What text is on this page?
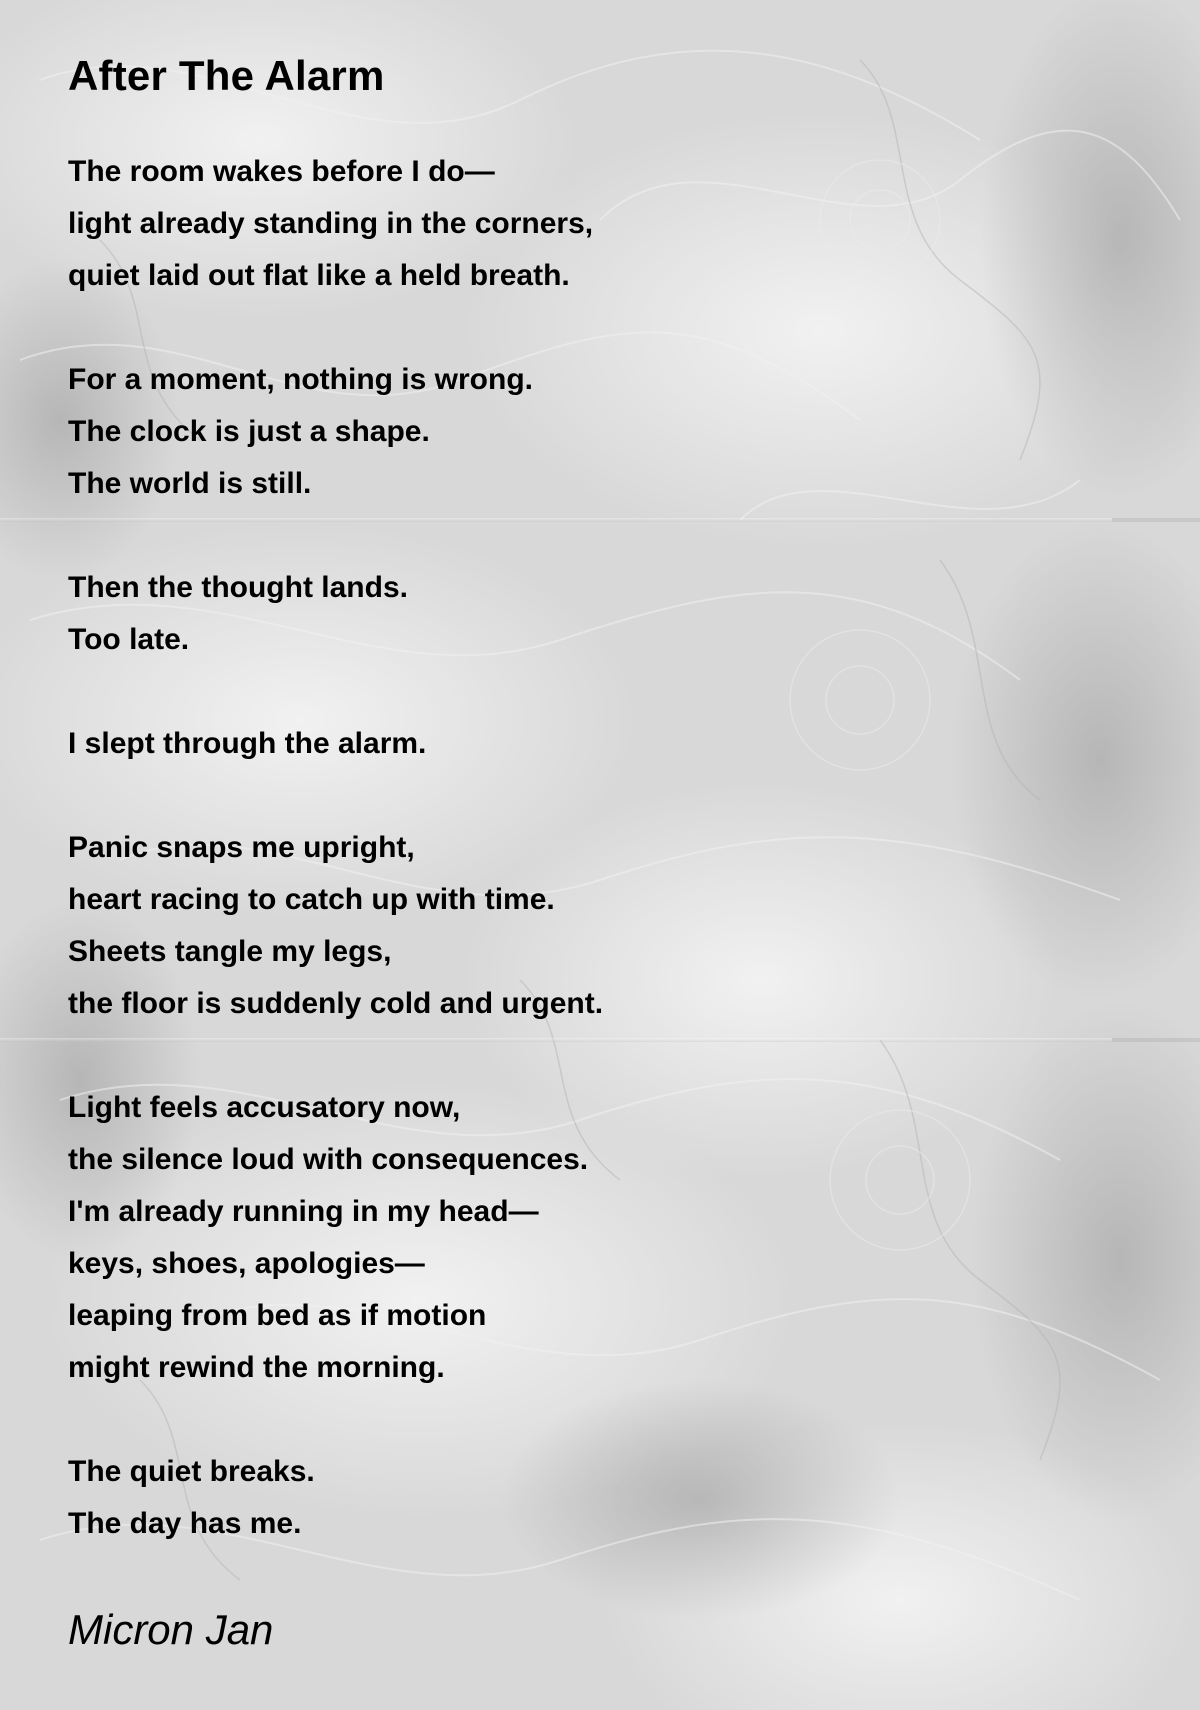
After The Alarm
The room wakes before I do—
light already standing in the corners,
quiet laid out flat like a held breath.
For a moment, nothing is wrong.
The clock is just a shape.
The world is still.
Then the thought lands.
Too late.
I slept through the alarm.
Panic snaps me upright,
heart racing to catch up with time.
Sheets tangle my legs,
the floor is suddenly cold and urgent.
Light feels accusatory now,
the silence loud with consequences.
I'm already running in my head—
keys, shoes, apologies—
leaping from bed as if motion
might rewind the morning.
The quiet breaks.
The day has me.
Micron Jan
